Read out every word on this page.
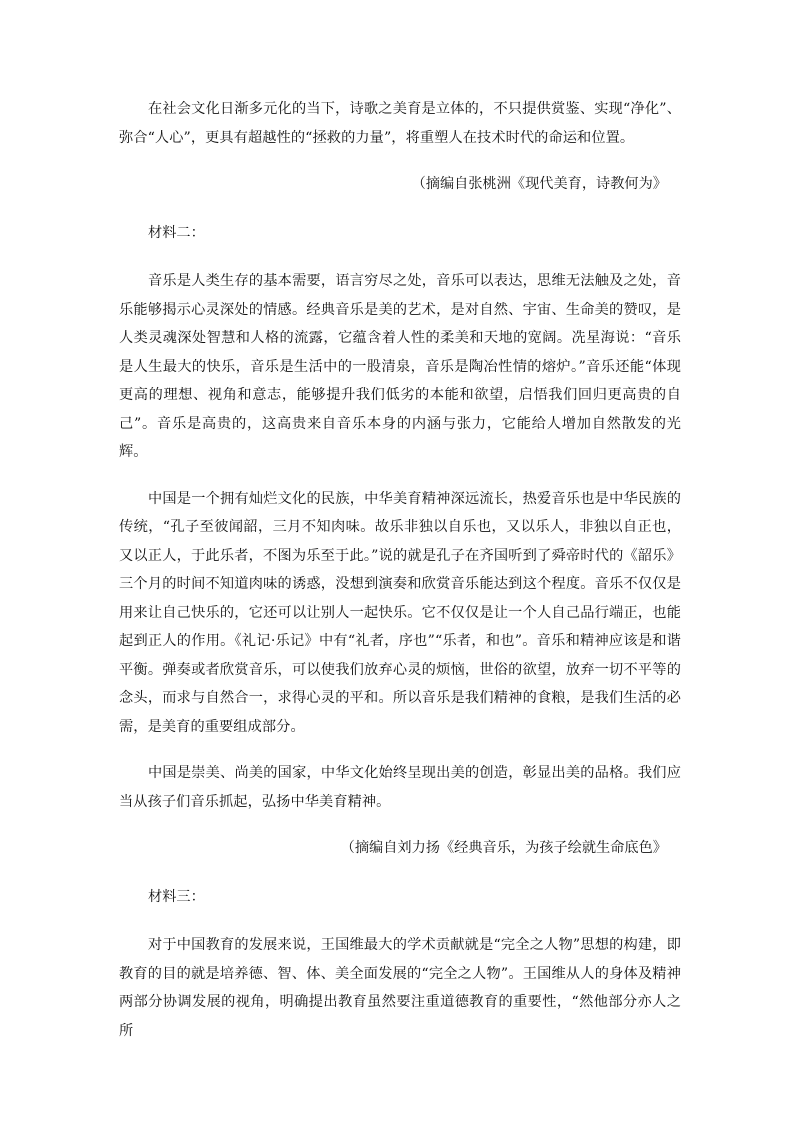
在社会文化日渐多元化的当下，诗歌之美育是立体的，不只提供赏鉴、实现“净化”、弥合“人心”，更具有超越性的“拯救的力量”，将重塑人在技术时代的命运和位置。

（摘编自张桃洲《现代美育，诗教何为》

材料二：

音乐是人类生存的基本需要，语言穷尽之处，音乐可以表达，思维无法触及之处，音乐能够揭示心灵深处的情感。经典音乐是美的艺术，是对自然、宇宙、生命美的赞叹，是人类灵魂深处智慧和人格的流露，它蕴含着人性的柔美和天地的宽阔。冼星海说：“音乐是人生最大的快乐，音乐是生活中的一股清泉，音乐是陶冶性情的熔炉。”音乐还能“体现更高的理想、视角和意志，能够提升我们低劣的本能和欲望，启悟我们回归更高贵的自己”。音乐是高贵的，这高贵来自音乐本身的内涵与张力，它能给人增加自然散发的光辉。

中国是一个拥有灿烂文化的民族，中华美育精神深远流长，热爱音乐也是中华民族的传统，“孔子至彼闻韶，三月不知肉味。故乐非独以自乐也，又以乐人，非独以自正也，又以正人，于此乐者，不图为乐至于此。”说的就是孔子在齐国听到了舜帝时代的《韶乐》三个月的时间不知道肉味的诱惑，没想到演奏和欣赏音乐能达到这个程度。音乐不仅仅是用来让自己快乐的，它还可以让别人一起快乐。它不仅仅是让一个人自己品行端正，也能起到正人的作用。《礼记·乐记》中有“礼者，序也”“乐者，和也”。音乐和精神应该是和谐平衡。弹奏或者欣赏音乐，可以使我们放弃心灵的烦恼，世俗的欲望，放弃一切不平等的念头，而求与自然合一，求得心灵的平和。所以音乐是我们精神的食粮，是我们生活的必需，是美育的重要组成部分。

中国是崇美、尚美的国家，中华文化始终呈现出美的创造，彰显出美的品格。我们应当从孩子们音乐抓起，弘扬中华美育精神。

（摘编自刘力扬《经典音乐，为孩子绘就生命底色》

材料三：

对于中国教育的发展来说，王国维最大的学术贡献就是“完全之人物”思想的构建，即教育的目的就是培养德、智、体、美全面发展的“完全之人物”。王国维从人的身体及精神两部分协调发展的视角，明确提出教育虽然要注重道德教育的重要性，“然他部分亦人之所
